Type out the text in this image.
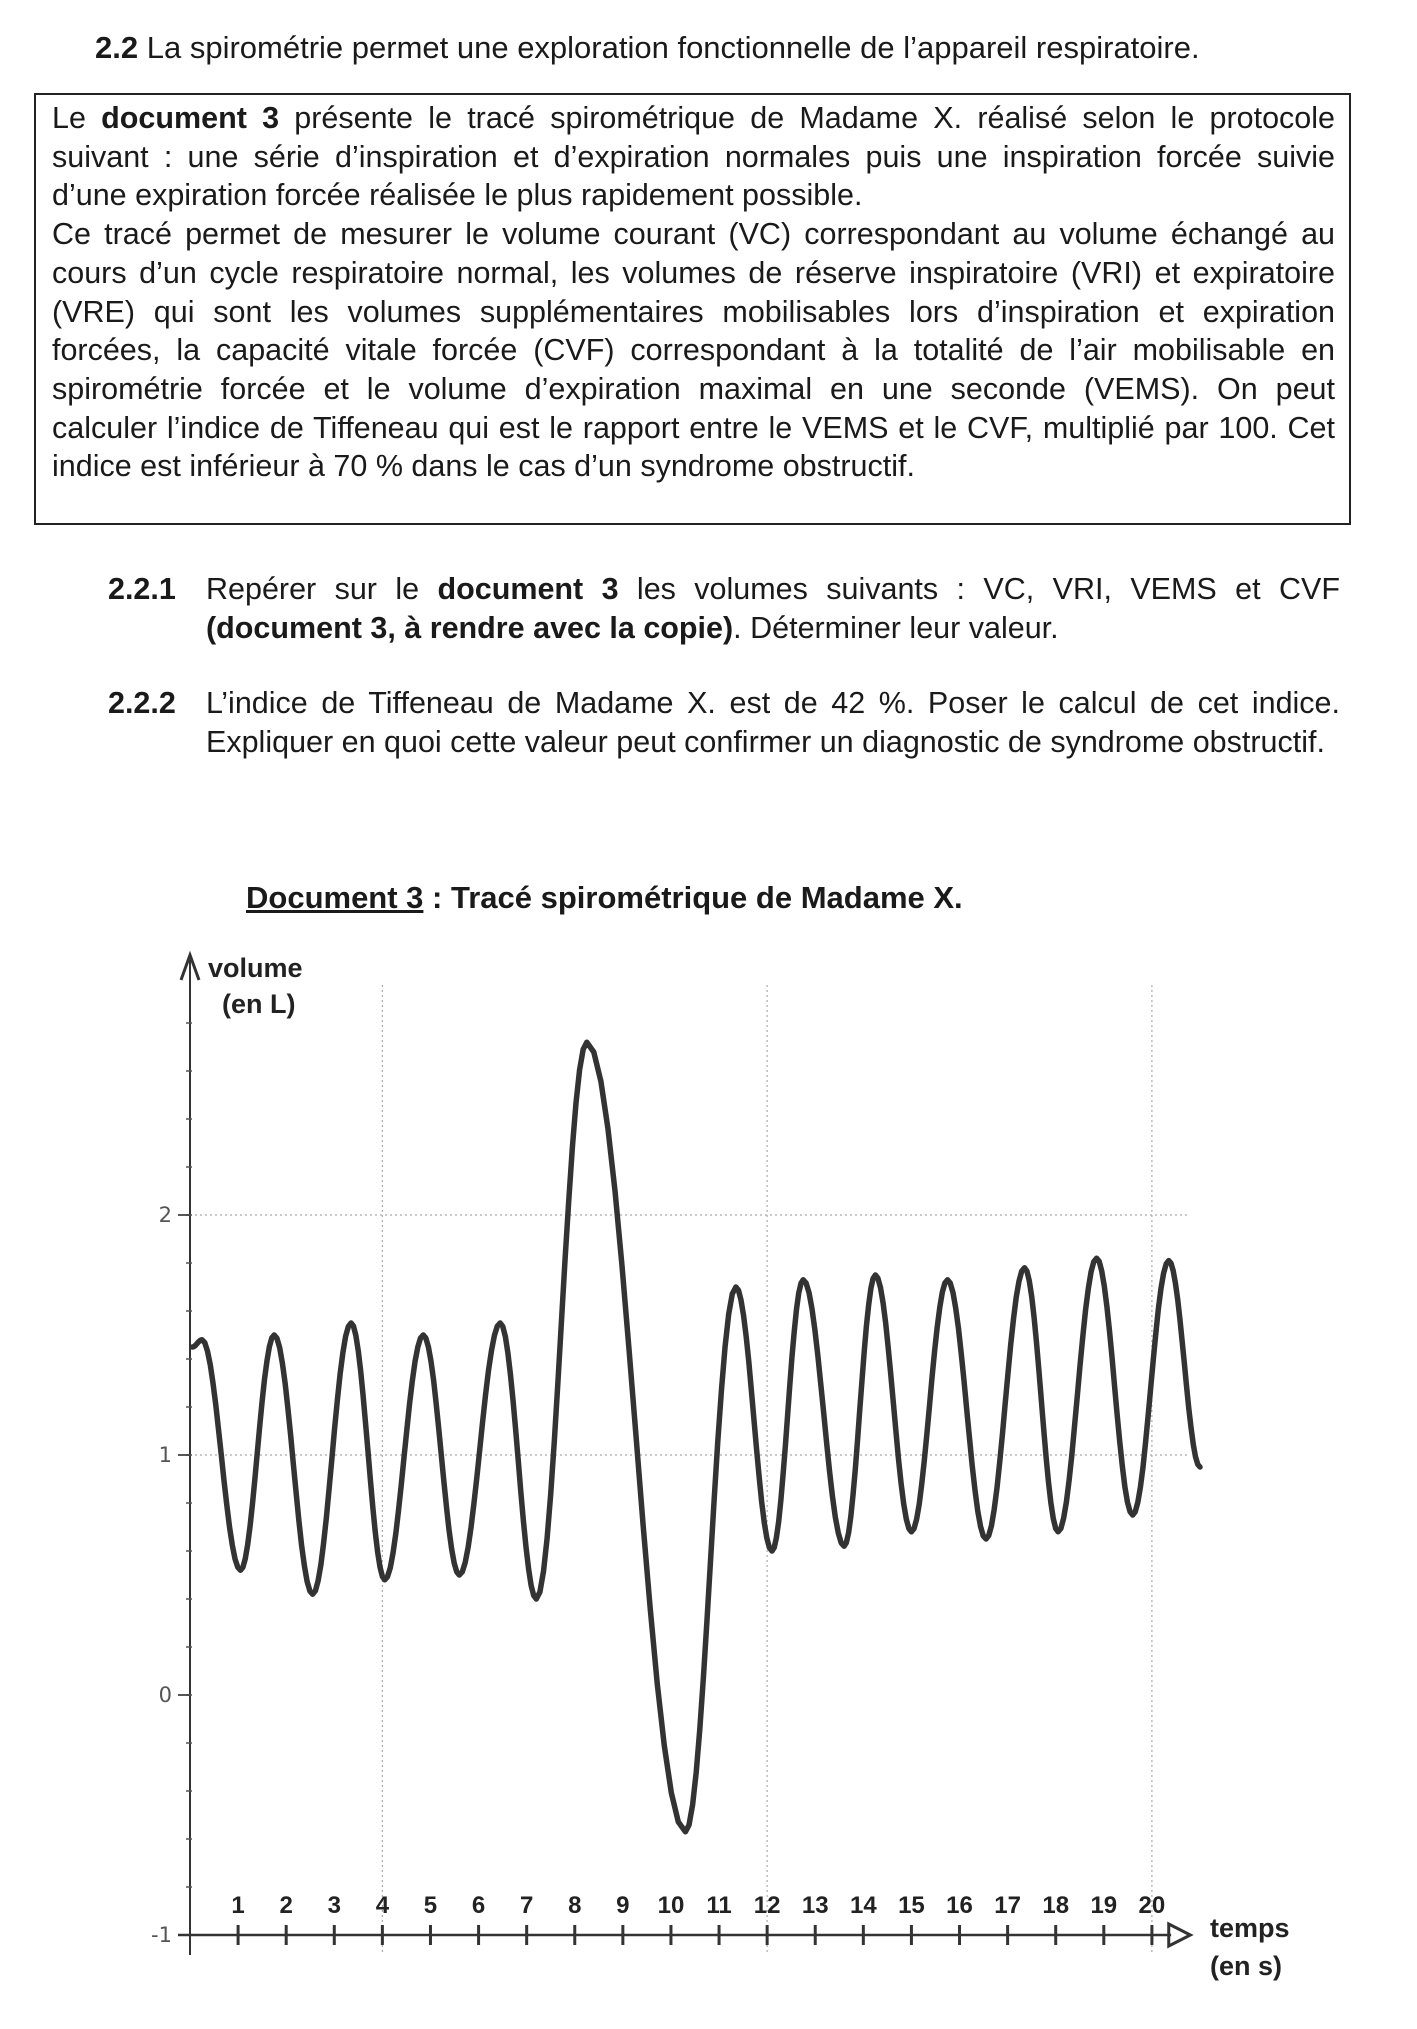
2.2 La spirométrie permet une exploration fonctionnelle de l’appareil respiratoire.

Le document 3 présente le tracé spirométrique de Madame X. réalisé selon le protocole suivant : une série d’inspiration et d’expiration normales puis une inspiration forcée suivie d’une expiration forcée réalisée le plus rapidement possible.

Ce tracé permet de mesurer le volume courant (VC) correspondant au volume échangé au cours d’un cycle respiratoire normal, les volumes de réserve inspiratoire (VRI) et expiratoire (VRE) qui sont les volumes supplémentaires mobilisables lors d’inspiration et expiration forcées, la capacité vitale forcée (CVF) correspondant à la totalité de l’air mobilisable en spirométrie forcée et le volume d’expiration maximal en une seconde (VEMS). On peut calculer l’indice de Tiffeneau qui est le rapport entre le VEMS et le CVF, multiplié par 100. Cet indice est inférieur à 70 % dans le cas d’un syndrome obstructif.

2.2.1 Repérer sur le document 3 les volumes suivants : VC, VRI, VEMS et CVF (document 3, à rendre avec la copie). Déterminer leur valeur.
2.2.2 L’indice de Tiffeneau de Madame X. est de 42 %. Poser le calcul de cet indice. Expliquer en quoi cette valeur peut confirmer un diagnostic de syndrome obstructif.
Document 3 : Tracé spirométrique de Madame X.
-1
0
1
2
volume
(en L)
1 2 3 4 5 6 7 8 9 10 11 12 13 14 15 16 17 18 19 20
temps
(en s)
